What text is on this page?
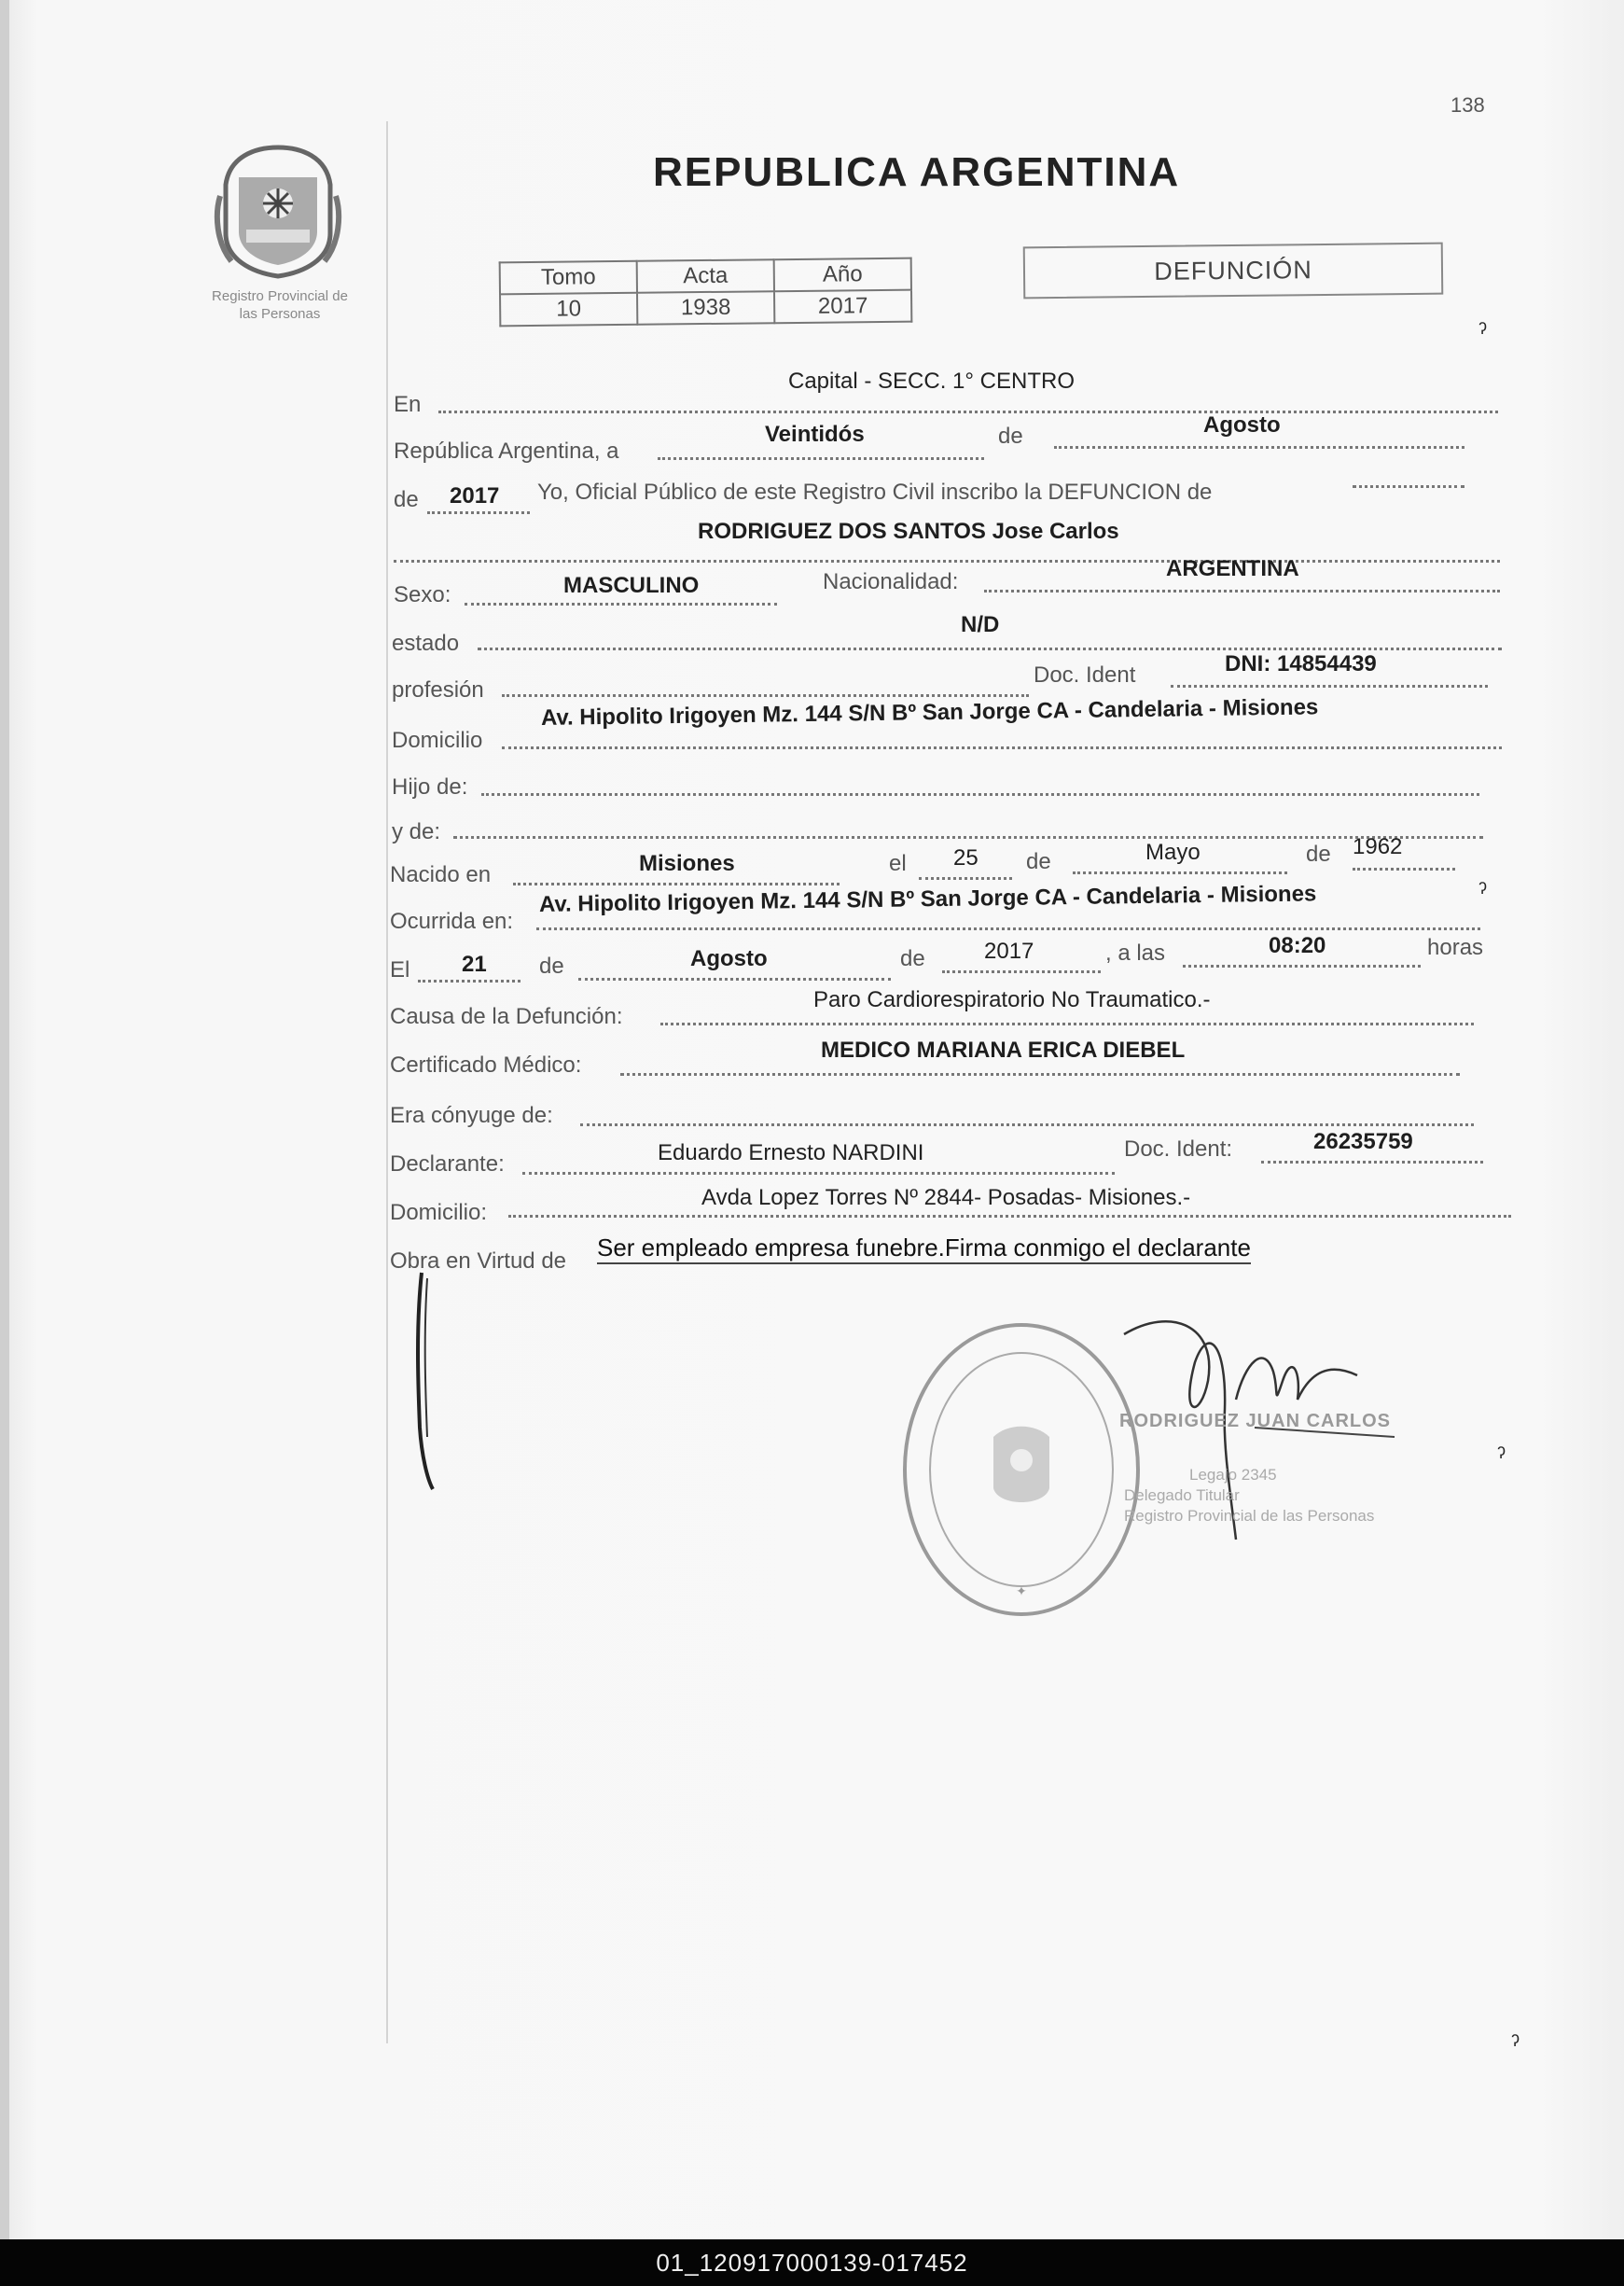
138
Registro Provincial de
las Personas
REPUBLICA ARGENTINA
Tomo	Acta	Año
10	1938	2017
DEFUNCIÓN
En
Capital - SECC. 1° CENTRO
República Argentina, a
Veintidós	de	Agosto
de 2017 Yo, Oficial Público de este Registro Civil inscribo la DEFUNCION de
RODRIGUEZ DOS SANTOS Jose Carlos
Sexo:	MASCULINO	Nacionalidad:
ARGENTINA
estado
N/D
profesión
Doc. Ident	DNI: 14854439
Domicilio
Av. Hipolito Irigoyen Mz. 144 S/N Bº San Jorge CA - Candelaria - Misiones
Hijo de:
y de:
Nacido en	Misiones	el 25 de	Mayo	de 1962
Ocurrida en:
Av. Hipolito Irigoyen Mz. 144 S/N Bº San Jorge CA - Candelaria - Misiones
El 21 de	Agosto	de	2017	, a las	08:20	horas
Causa de la Defunción:
Paro Cardiorespiratorio No Traumatico.-
Certificado Médico:
MEDICO MARIANA ERICA DIEBEL
Era cónyuge de:
Declarante:	Eduardo Ernesto NARDINI	Doc. Ident:	26235759
Domicilio:
Avda Lopez Torres Nº 2844- Posadas- Misiones.-
Obra en Virtud de Ser empleado empresa funebre.Firma conmigo el declarante
✦
RODRIGUEZ JUAN CARLOS
Legajo 2345
Delegado Titular
Registro Provincial de las Personas
ˀ
ˀ
ˀ
ˀ
01_120917000139-017452
